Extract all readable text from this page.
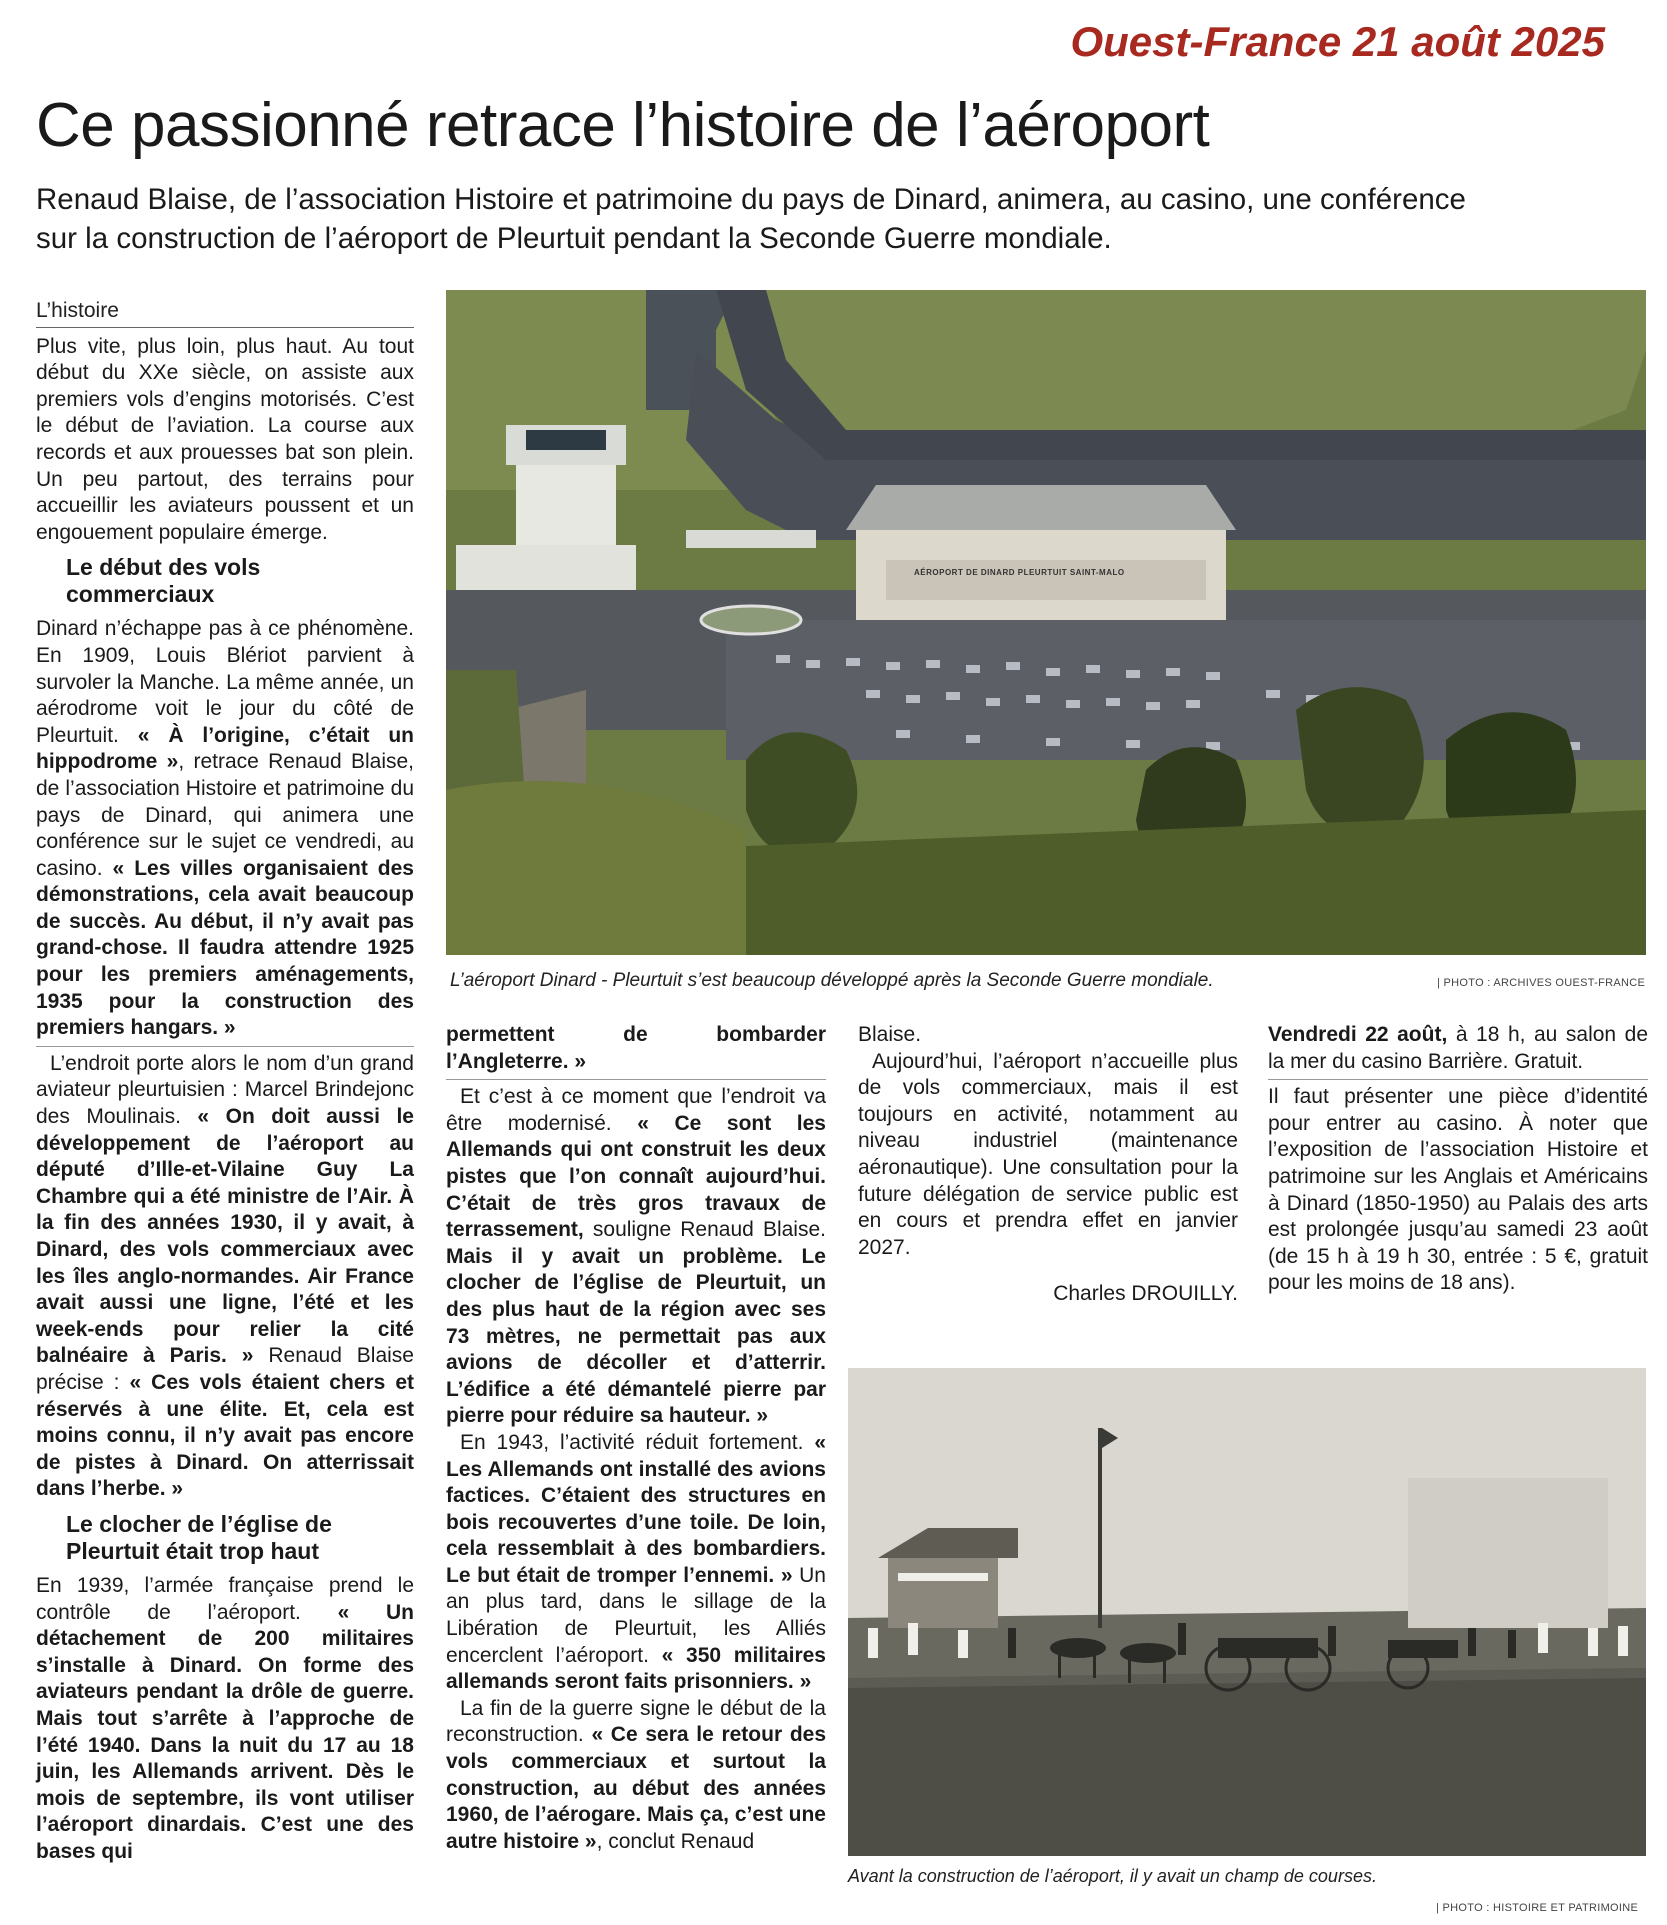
Ouest-France 21 août 2025
Ce passionné retrace l’histoire de l’aéroport
Renaud Blaise, de l’association Histoire et patrimoine du pays de Dinard, animera, au casino, une conférence sur la construction de l’aéroport de Pleurtuit pendant la Seconde Guerre mondiale.
L’histoire

Plus vite, plus loin, plus haut. Au tout début du XXe siècle, on assiste aux premiers vols d’engins motorisés. C’est le début de l’aviation. La course aux records et aux prouesses bat son plein. Un peu partout, des terrains pour accueillir les aviateurs poussent et un engouement populaire émerge.

Le début des vols commerciaux

Dinard n’échappe pas à ce phénomène. En 1909, Louis Blériot parvient à survoler la Manche. La même année, un aérodrome voit le jour du côté de Pleurtuit. « À l’origine, c’était un hippodrome », retrace Renaud Blaise, de l’association Histoire et patrimoine du pays de Dinard, qui animera une conférence sur le sujet ce vendredi, au casino. « Les villes organisaient des démonstrations, cela avait beaucoup de succès. Au début, il n’y avait pas grand-chose. Il faudra attendre 1925 pour les premiers aménagements, 1935 pour la construction des premiers hangars. »

L’endroit porte alors le nom d’un grand aviateur pleurtuisien : Marcel Brindejonc des Moulinais. « On doit aussi le développement de l’aéroport au député d’Ille-et-Vilaine Guy La Chambre qui a été ministre de l’Air. À la fin des années 1930, il y avait, à Dinard, des vols commerciaux avec les îles anglo-normandes. Air France avait aussi une ligne, l’été et les week-ends pour relier la cité balnéaire à Paris. » Renaud Blaise précise : « Ces vols étaient chers et réservés à une élite. Et, cela est moins connu, il n’y avait pas encore de pistes à Dinard. On atterrissait dans l’herbe. »

Le clocher de l’église de Pleurtuit était trop haut

En 1939, l’armée française prend le contrôle de l’aéroport. « Un détachement de 200 militaires s’installe à Dinard. On forme des aviateurs pendant la drôle de guerre. Mais tout s’arrête à l’approche de l’été 1940. Dans la nuit du 17 au 18 juin, les Allemands arrivent. Dès le mois de septembre, ils vont utiliser l’aéroport dinardais. C’est une des bases qui

AÉROPORT DE DINARD PLEURTUIT SAINT-MALO
L’aéroport Dinard - Pleurtuit s’est beaucoup développé après la Seconde Guerre mondiale.	| PHOTO : ARCHIVES OUEST-FRANCE

permettent de bombarder l’Angleterre. »

Et c’est à ce moment que l’endroit va être modernisé. « Ce sont les Allemands qui ont construit les deux pistes que l’on connaît aujourd’hui. C’était de très gros travaux de terrassement, souligne Renaud Blaise. Mais il y avait un problème. Le clocher de l’église de Pleurtuit, un des plus haut de la région avec ses 73 mètres, ne permettait pas aux avions de décoller et d’atterrir. L’édifice a été démantelé pierre par pierre pour réduire sa hauteur. »

En 1943, l’activité réduit fortement. « Les Allemands ont installé des avions factices. C’étaient des structures en bois recouvertes d’une toile. De loin, cela ressemblait à des bombardiers. Le but était de tromper l’ennemi. » Un an plus tard, dans le sillage de la Libération de Pleurtuit, les Alliés encerclent l’aéroport. « 350 militaires allemands seront faits prisonniers. »

La fin de la guerre signe le début de la reconstruction. « Ce sera le retour des vols commerciaux et surtout la construction, au début des années 1960, de l’aérogare. Mais ça, c’est une autre histoire », conclut Renaud

Blaise.

Aujourd’hui, l’aéroport n’accueille plus de vols commerciaux, mais il est toujours en activité, notamment au niveau industriel (maintenance aéronautique). Une consultation pour la future délégation de service public est en cours et prendra effet en janvier 2027.

Charles DROUILLY.

Vendredi 22 août, à 18 h, au salon de la mer du casino Barrière. Gratuit.

Il faut présenter une pièce d’identité pour entrer au casino. À noter que l’exposition de l’association Histoire et patrimoine sur les Anglais et Américains à Dinard (1850-1950) au Palais des arts est prolongée jusqu’au samedi 23 août (de 15 h à 19 h 30, entrée : 5 €, gratuit pour les moins de 18 ans).

Avant la construction de l’aéroport, il y avait un champ de courses.
| PHOTO : HISTOIRE ET PATRIMOINE
